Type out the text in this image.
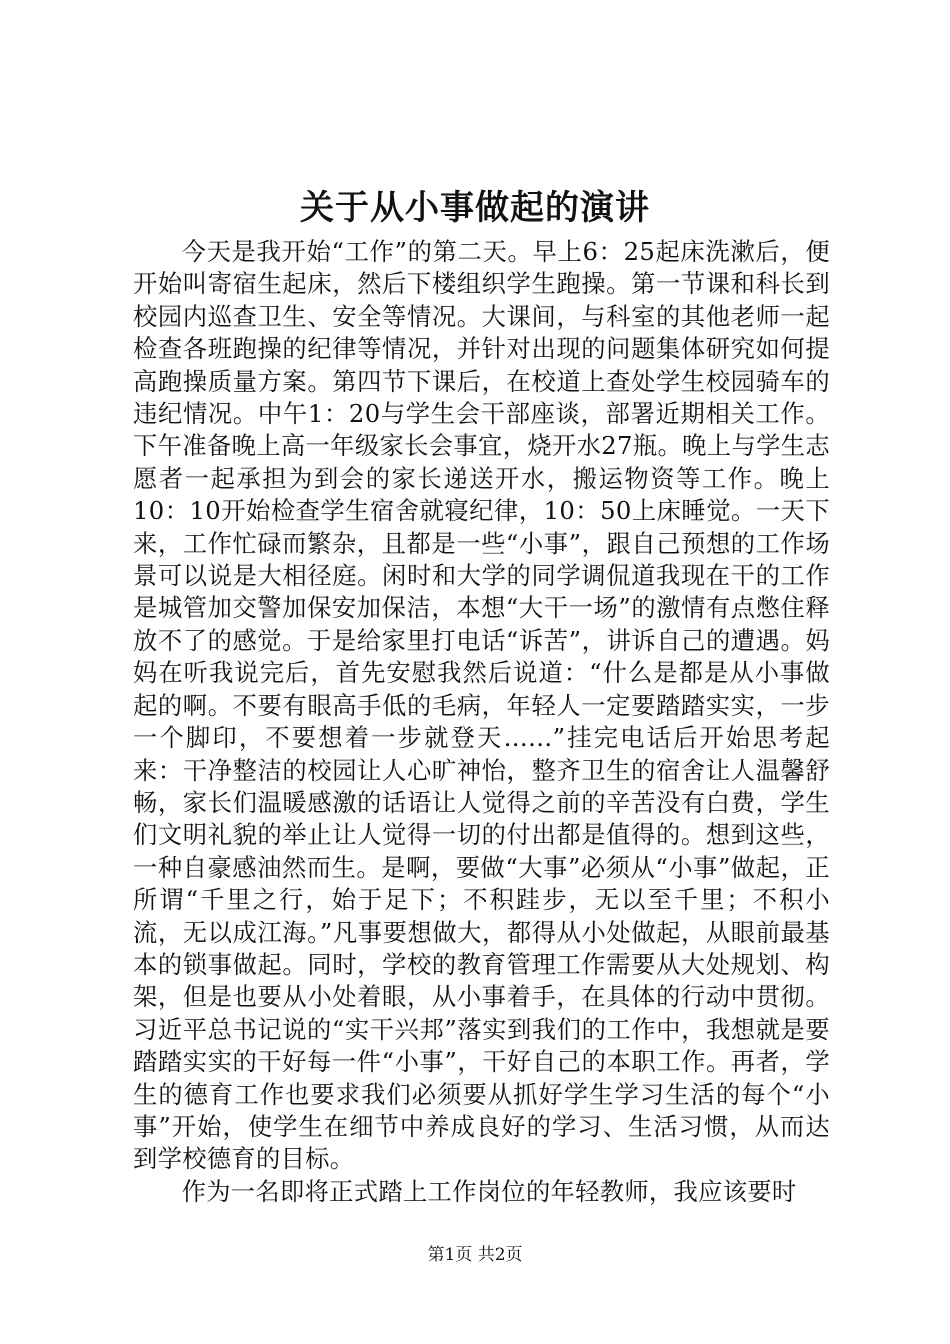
关于从小事做起的演讲

今天是我开始“工作”的第二天。早上6：25起床洗漱后，便开始叫寄宿生起床，然后下楼组织学生跑操。第一节课和科长到校园内巡查卫生、安全等情况。大课间，与科室的其他老师一起检查各班跑操的纪律等情况，并针对出现的问题集体研究如何提高跑操质量方案。第四节下课后，在校道上查处学生校园骑车的违纪情况。中午1：20与学生会干部座谈，部署近期相关工作。下午准备晚上高一年级家长会事宜，烧开水27瓶。晚上与学生志愿者一起承担为到会的家长递送开水，搬运物资等工作。晚上10：10开始检查学生宿舍就寝纪律，10：50上床睡觉。一天下来，工作忙碌而繁杂，且都是一些“小事”，跟自己预想的工作场景可以说是大相径庭。闲时和大学的同学调侃道我现在干的工作是城管加交警加保安加保洁，本想“大干一场”的激情有点憋住释放不了的感觉。于是给家里打电话“诉苦”，讲诉自己的遭遇。妈妈在听我说完后，首先安慰我然后说道：“什么是都是从小事做起的啊。不要有眼高手低的毛病，年轻人一定要踏踏实实，一步一个脚印，不要想着一步就登天……”挂完电话后开始思考起来：干净整洁的校园让人心旷神怡，整齐卫生的宿舍让人温馨舒畅，家长们温暖感激的话语让人觉得之前的辛苦没有白费，学生们文明礼貌的举止让人觉得一切的付出都是值得的。想到这些，一种自豪感油然而生。是啊，要做“大事”必须从“小事”做起，正所谓“千里之行，始于足下；不积跬步，无以至千里；不积小流，无以成江海。”凡事要想做大，都得从小处做起，从眼前最基本的锁事做起。同时，学校的教育管理工作需要从大处规划、构架，但是也要从小处着眼，从小事着手，在具体的行动中贯彻。习近平总书记说的“实干兴邦”落实到我们的工作中，我想就是要踏踏实实的干好每一件“小事”，干好自己的本职工作。再者，学生的德育工作也要求我们必须要从抓好学生学习生活的每个“小事”开始，使学生在细节中养成良好的学习、生活习惯，从而达到学校德育的目标。

作为一名即将正式踏上工作岗位的年轻教师，我应该要时

第1页 共2页
